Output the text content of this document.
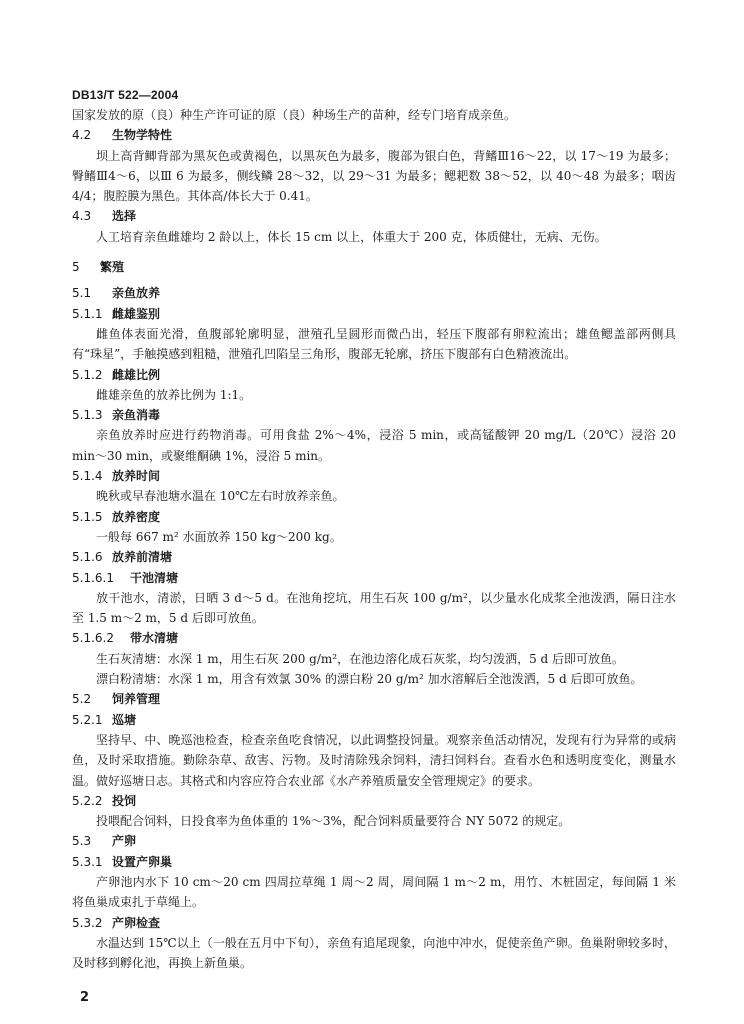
DB13/T 522—2004

国家发放的原（良）种生产许可证的原（良）种场生产的苗种，经专门培育成亲鱼。

4.2 生物学特性

坝上高背鲫背部为黑灰色或黄褐色，以黑灰色为最多，腹部为银白色，背鳍Ⅲ16～22，以 17～19 为最多；臀鳍Ⅲ4～6，以Ⅲ 6 为最多，侧线鳞 28～32，以 29～31 为最多；鳃耙数 38～52，以 40～48 为最多；咽齿 4/4；腹腔膜为黑色。其体高/体长大于 0.41。

4.3 选择

人工培育亲鱼雌雄均 2 龄以上，体长 15 cm 以上，体重大于 200 克，体质健壮，无病、无伤。

5 繁殖

5.1 亲鱼放养

5.1.1 雌雄鉴别

雌鱼体表面光滑，鱼腹部轮廓明显，泄殖孔呈圆形而微凸出，轻压下腹部有卵粒流出；雄鱼鳃盖部两侧具有“珠星”，手触摸感到粗糙，泄殖孔凹陷呈三角形，腹部无轮廓，挤压下腹部有白色精液流出。

5.1.2 雌雄比例

雌雄亲鱼的放养比例为 1:1。

5.1.3 亲鱼消毒

亲鱼放养时应进行药物消毒。可用食盐 2%～4%，浸浴 5 min，或高锰酸钾 20 mg/L（20℃）浸浴 20 min～30 min，或聚维酮碘 1%，浸浴 5 min。

5.1.4 放养时间

晚秋或早春池塘水温在 10℃左右时放养亲鱼。

5.1.5 放养密度

一般每 667 m² 水面放养 150 kg～200 kg。

5.1.6 放养前清塘

5.1.6.1 干池清塘

放干池水，清淤，日晒 3 d～5 d。在池角挖坑，用生石灰 100 g/m²，以少量水化成浆全池泼洒，隔日注水至 1.5 m～2 m，5 d 后即可放鱼。

5.1.6.2 带水清塘

生石灰清塘：水深 1 m，用生石灰 200 g/m²，在池边溶化成石灰浆，均匀泼洒，5 d 后即可放鱼。

漂白粉清塘：水深 1 m，用含有效氯 30% 的漂白粉 20 g/m² 加水溶解后全池泼洒，5 d 后即可放鱼。

5.2 饲养管理

5.2.1 巡塘

坚持早、中、晚巡池检查，检查亲鱼吃食情况，以此调整投饲量。观察亲鱼活动情况，发现有行为异常的或病鱼，及时采取措施。勤除杂草、敌害、污物。及时清除残余饲料，清扫饲料台。查看水色和透明度变化，测量水温。做好巡塘日志。其格式和内容应符合农业部《水产养殖质量安全管理规定》的要求。

5.2.2 投饲

投喂配合饲料，日投食率为鱼体重的 1%～3%，配合饲料质量要符合 NY 5072 的规定。

5.3 产卵

5.3.1 设置产卵巢

产卵池内水下 10 cm～20 cm 四周拉草绳 1 周～2 周，周间隔 1 m～2 m，用竹、木桩固定，每间隔 1 米将鱼巢成束扎于草绳上。

5.3.2 产卵检查

水温达到 15℃以上（一般在五月中下旬），亲鱼有追尾现象，向池中冲水，促使亲鱼产卵。鱼巢附卵较多时，及时移到孵化池，再换上新鱼巢。

2
